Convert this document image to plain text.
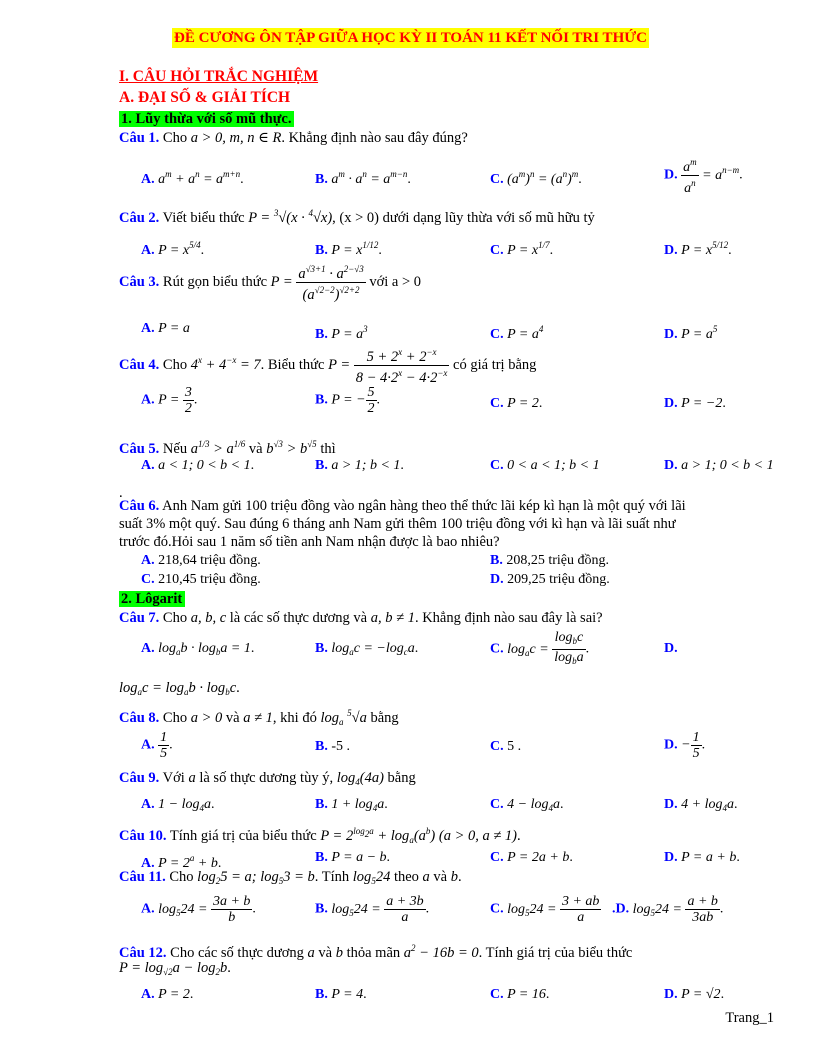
ĐỀ CƯƠNG ÔN TẬP GIỮA HỌC KỲ II TOÁN 11 KẾT NỐI TRI THỨC
I. CÂU HỎI TRẮC NGHIỆM
A. ĐẠI SỐ & GIẢI TÍCH
1. Lũy thừa với số mũ thực.
Câu 1. Cho a > 0, m, n ∈ R. Khẳng định nào sau đây đúng?
A. $a^m + a^n = a^{m+n}$.	B. $a^m \cdot a^n = a^{m-n}$.	C. $(a^m)^n = (a^n)^m$.	D. $\frac{a^m}{a^n} = a^{n-m}$.
Câu 2. Viết biểu thức P = $^3$√(x · $^4$√x), (x > 0) dưới dạng lũy thừa với số mũ hữu tỷ
A. $P = x^{5/4}$.	B. $P = x^{1/12}$.	C. $P = x^{1/7}$.	D. $P = x^{5/12}$.
Câu 3. Rút gọn biểu thức $P = \frac{a^{√3+1} \cdot a^{2-√3}}{(a^{√2-2})^{√2+2}}$ với a > 0
A. P = a	B. $P = a^3$	C. $P = a^4$	D. $P = a^5$
Câu 4. Cho $4^x + 4^{-x} = 7$. Biểu thức $P = \frac{5 + 2^x + 2^{-x}}{8 - 4\cdot 2^x - 4\cdot 2^{-x}}$ có giá trị bằng
A. $P = \frac{3}{2}$ .	B. P = − $\frac{5}{2}$ .	C. P = 2.	D. P = −2.
Câu 5. Nếu $a^{1/3} > a^{1/6}$ và $b^{√3} > b^{√5}$ thì
A. a < 1; 0 < b < 1.	B. a > 1; b < 1.	C. 0 < a < 1; b < 1	D. a > 1; 0 < b < 1
.
Câu 6. Anh Nam gửi 100 triệu đồng vào ngân hàng theo thể thức lãi kép kì hạn là một quý với lãi
suất 3% một quý. Sau đúng 6 tháng anh Nam gửi thêm 100 triệu đồng với kì hạn và lãi suất như
trước đó.Hỏi sau 1 năm số tiền anh Nam nhận được là bao nhiêu?
A. 218,64 triệu đồng.	B. 208,25 triệu đồng.
C. 210,45 triệu đồng.	D. 209,25 triệu đồng.
2. Lôgarit
Câu 7. Cho a, b, c là các số thực dương và a, b ≠ 1. Khẳng định nào sau đây là sai?
A. $\log_ab \cdot \log_ba = 1$.	B. $\log_ac = -\log_ca$.	C. $\log_ac = \frac{\log_bc}{\log_ba}$ .	D.
$\log_ac = \log_ab \cdot \log_bc$.
Câu 8. Cho a > 0 và a ≠ 1, khi đó $\log_a ^5√a$ bằng
A. $\frac{1}{5}$ .	B. -5 .	C. 5 .	D. − $\frac{1}{5}$ .
Câu 9. Với a là số thực dương tùy ý, $\log_4(4a)$ bằng
A. $1 - \log_4a$.	B. $1 + \log_4a$.	C. $4 - \log_4a$.	D. $4 + \log_4a$.
Câu 10. Tính giá trị của biểu thức $P = 2^{log_2a} + \log_a(a^b) (a > 0$, a ≠ 1).
A. $P = 2^a + b$.	B. P = a − b.	C. P = 2a + b.	D. P = a + b.
Câu 11. Cho $\log_25 = a$; $\log_53 = b$. Tính $\log_524$ theo a và b.
A. $\log_524 = \frac{3a + b}{b}$ .	B. $\log_524 = \frac{a + 3b}{a}$ .	C. $\log_524 = \frac{3 + ab}{a} .D$. $\log_524 = \frac{a + b}{3ab}$ .
Câu 12. Cho các số thực dương a và b thỏa mãn $a^2 - 16b = 0$. Tính giá trị của biểu thức
$P = \log_{√2}a - \log_2b$.
A. P = 2.	B. P = 4.	C. P = 16.	D. P = √2.
Trang_1
